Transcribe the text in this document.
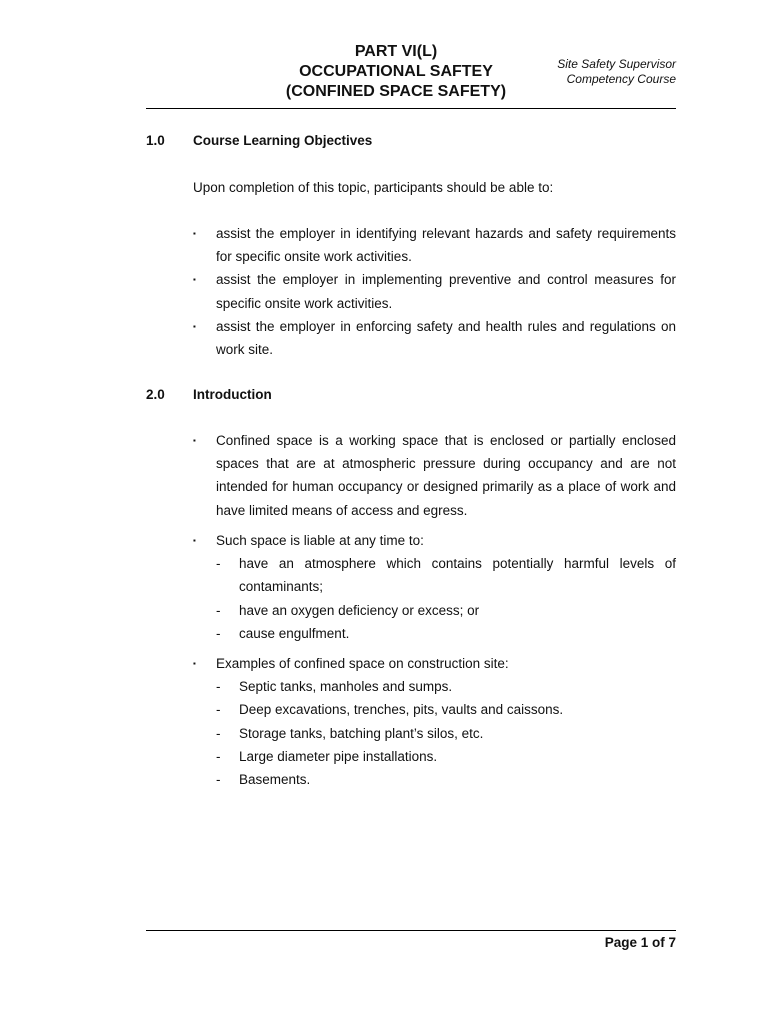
PART VI(L)
OCCUPATIONAL SAFTEY
(CONFINED SPACE SAFETY)
Site Safety Supervisor
Competency Course
1.0 Course Learning Objectives
Upon completion of this topic, participants should be able to:
▪ assist the employer in identifying relevant hazards and safety requirements for specific onsite work activities.
▪ assist the employer in implementing preventive and control measures for specific onsite work activities.
▪ assist the employer in enforcing safety and health rules and regulations on work site.
2.0 Introduction
▪ Confined space is a working space that is enclosed or partially enclosed spaces that are at atmospheric pressure during occupancy and are not intended for human occupancy or designed primarily as a place of work and have limited means of access and egress.
▪ Such space is liable at any time to:
- have an atmosphere which contains potentially harmful levels of contaminants;
- have an oxygen deficiency or excess; or
- cause engulfment.
▪ Examples of confined space on construction site:
- Septic tanks, manholes and sumps.
- Deep excavations, trenches, pits, vaults and caissons.
- Storage tanks, batching plant’s silos, etc.
- Large diameter pipe installations.
- Basements.
Page 1 of 7
